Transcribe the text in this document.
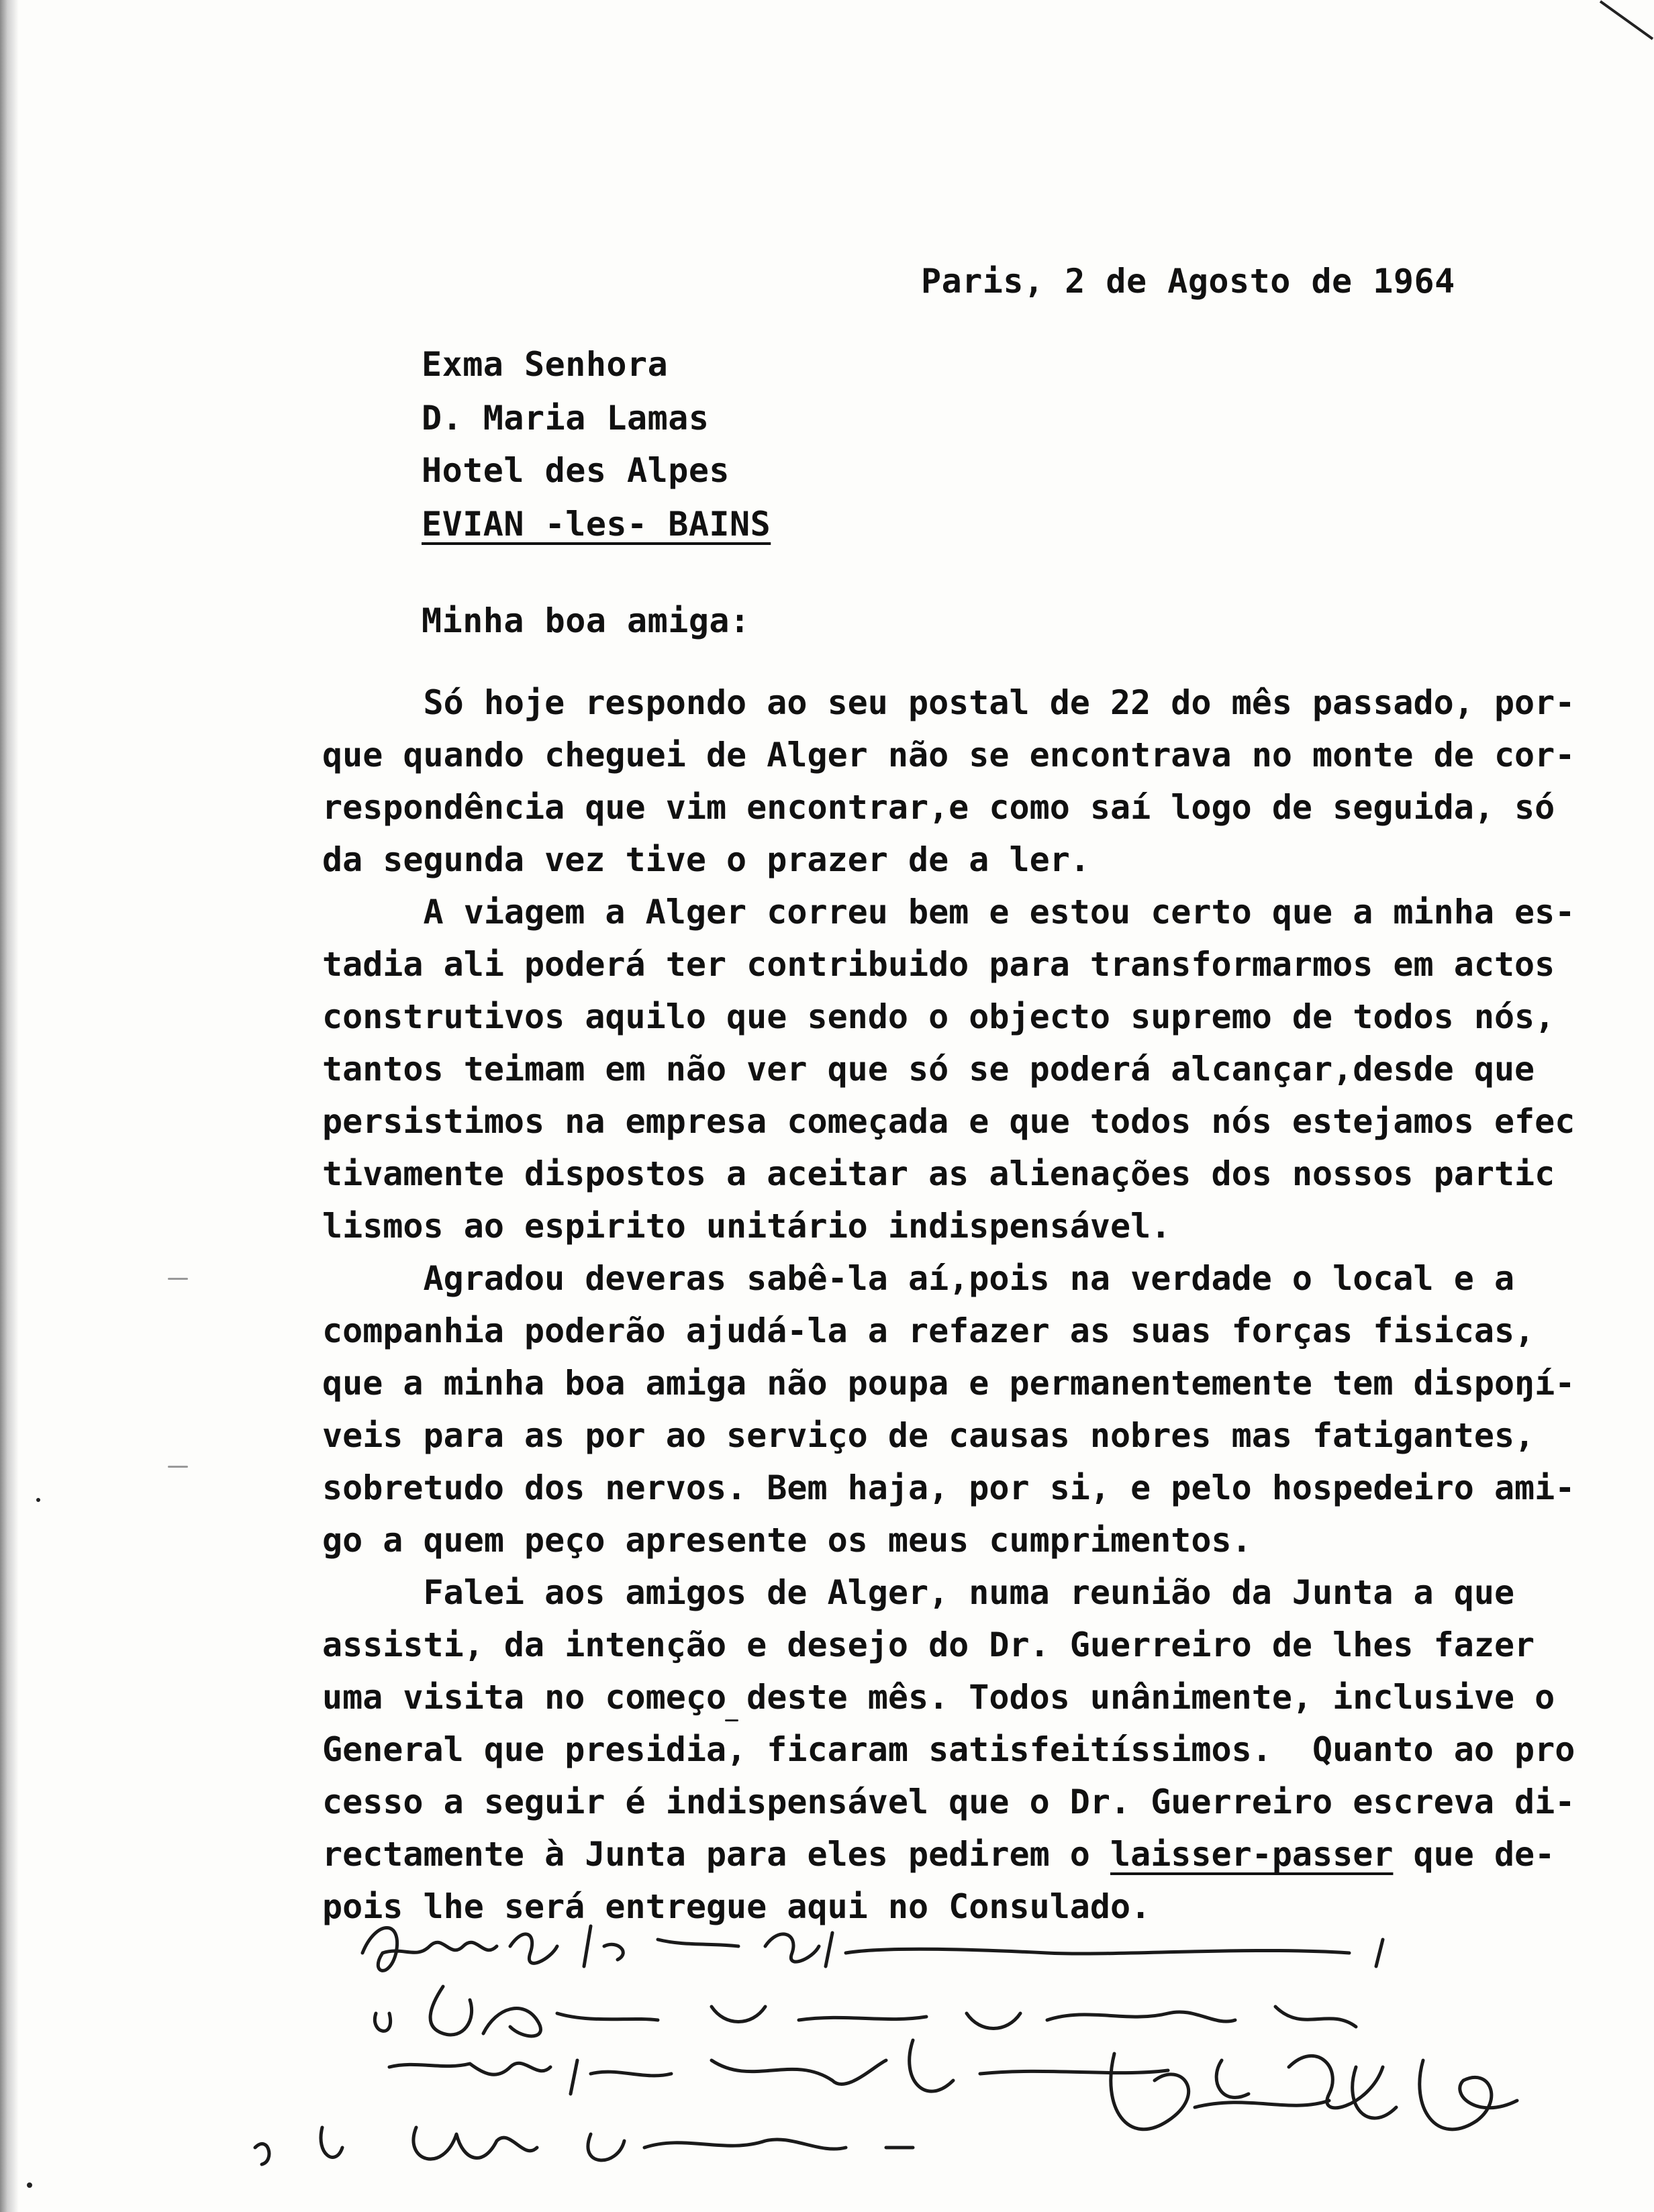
Paris, 2 de Agosto de 1964

Exma Senhora

D. Maria Lamas

Hotel des Alpes

EVIAN -les- BAINS

Minha boa amiga:

Só hoje respondo ao seu postal de 22 do mês passado, por-
que quando cheguei de Alger não se encontrava no monte de cor-
respondência que vim encontrar,e como saí logo de seguida, só
da segunda vez tive o prazer de a ler.
A viagem a Alger correu bem e estou certo que a minha es-
tadia ali poderá ter contribuido para transformarmos em actos
construtivos aquilo que sendo o objecto supremo de todos nós,
tantos teimam em não ver que só se poderá alcançar,desde que
persistimos na empresa começada e que todos nós estejamos efec
tivamente dispostos a aceitar as alienações dos nossos partic
lismos ao espirito unitário indispensável.
Agradou deveras sabê-la aí,pois na verdade o local e a
companhia poderão ajudá-la a refazer as suas forças fisicas,
que a minha boa amiga não poupa e permanentemente tem dispoŋí-
veis para as por ao serviço de causas nobres mas fatigantes,
sobretudo dos nervos. Bem haja, por si, e pelo hospedeiro ami-
go a quem peço apresente os meus cumprimentos.
Falei aos amigos de Alger, numa reunião da Junta a que
assisti, da intenção e desejo do Dr. Guerreiro de lhes fazer
uma visita no começo deste mês. Todos unânimente, inclusive o
General que presidia, ficaram satisfeitíssimos.  Quanto ao pro
cesso a seguir é indispensável que o Dr. Guerreiro escreva di-
rectamente à Junta para eles pedirem o laisser-passer que de-
pois lhe será entregue aqui no Consulado.
